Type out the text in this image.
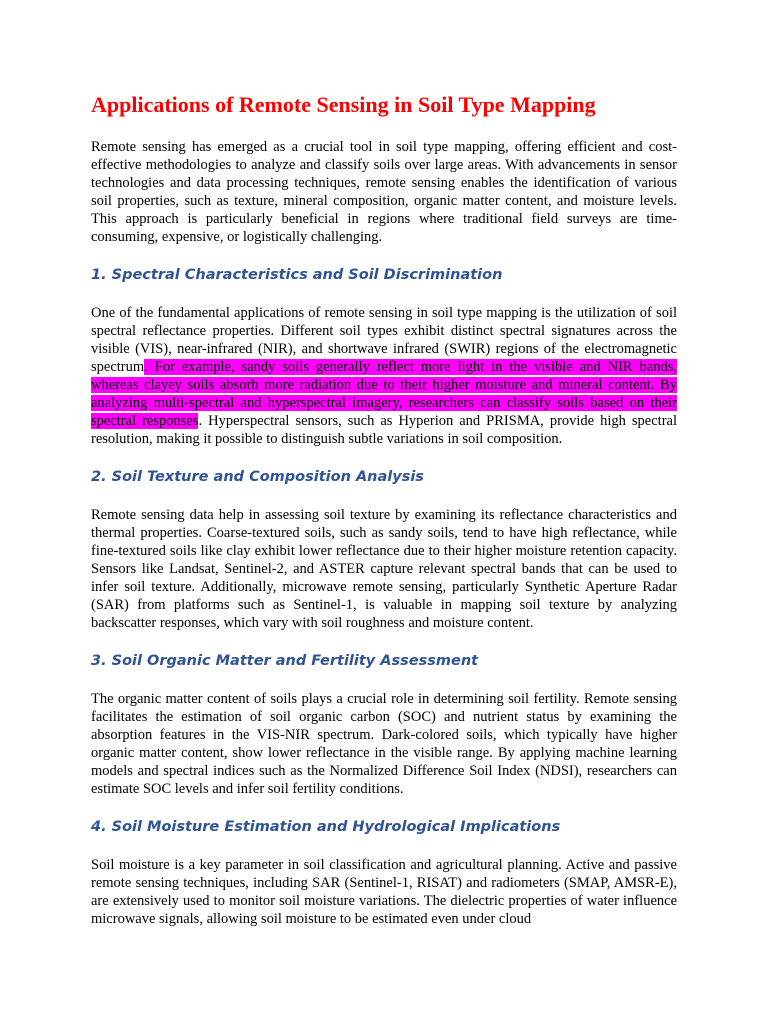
Applications of Remote Sensing in Soil Type Mapping

Remote sensing has emerged as a crucial tool in soil type mapping, offering efficient and cost-effective methodologies to analyze and classify soils over large areas. With advancements in sensor technologies and data processing techniques, remote sensing enables the identification of various soil properties, such as texture, mineral composition, organic matter content, and moisture levels. This approach is particularly beneficial in regions where traditional field surveys are time-consuming, expensive, or logistically challenging.

1. Spectral Characteristics and Soil Discrimination

One of the fundamental applications of remote sensing in soil type mapping is the utilization of soil spectral reflectance properties. Different soil types exhibit distinct spectral signatures across the visible (VIS), near-infrared (NIR), and shortwave infrared (SWIR) regions of the electromagnetic spectrum. For example, sandy soils generally reflect more light in the visible and NIR bands, whereas clayey soils absorb more radiation due to their higher moisture and mineral content. By analyzing multi-spectral and hyperspectral imagery, researchers can classify soils based on their spectral responses. Hyperspectral sensors, such as Hyperion and PRISMA, provide high spectral resolution, making it possible to distinguish subtle variations in soil composition.

2. Soil Texture and Composition Analysis

Remote sensing data help in assessing soil texture by examining its reflectance characteristics and thermal properties. Coarse-textured soils, such as sandy soils, tend to have high reflectance, while fine-textured soils like clay exhibit lower reflectance due to their higher moisture retention capacity. Sensors like Landsat, Sentinel-2, and ASTER capture relevant spectral bands that can be used to infer soil texture. Additionally, microwave remote sensing, particularly Synthetic Aperture Radar (SAR) from platforms such as Sentinel-1, is valuable in mapping soil texture by analyzing backscatter responses, which vary with soil roughness and moisture content.

3. Soil Organic Matter and Fertility Assessment

The organic matter content of soils plays a crucial role in determining soil fertility. Remote sensing facilitates the estimation of soil organic carbon (SOC) and nutrient status by examining the absorption features in the VIS-NIR spectrum. Dark-colored soils, which typically have higher organic matter content, show lower reflectance in the visible range. By applying machine learning models and spectral indices such as the Normalized Difference Soil Index (NDSI), researchers can estimate SOC levels and infer soil fertility conditions.

4. Soil Moisture Estimation and Hydrological Implications

Soil moisture is a key parameter in soil classification and agricultural planning. Active and passive remote sensing techniques, including SAR (Sentinel-1, RISAT) and radiometers (SMAP, AMSR-E), are extensively used to monitor soil moisture variations. The dielectric properties of water influence microwave signals, allowing soil moisture to be estimated even under cloud
